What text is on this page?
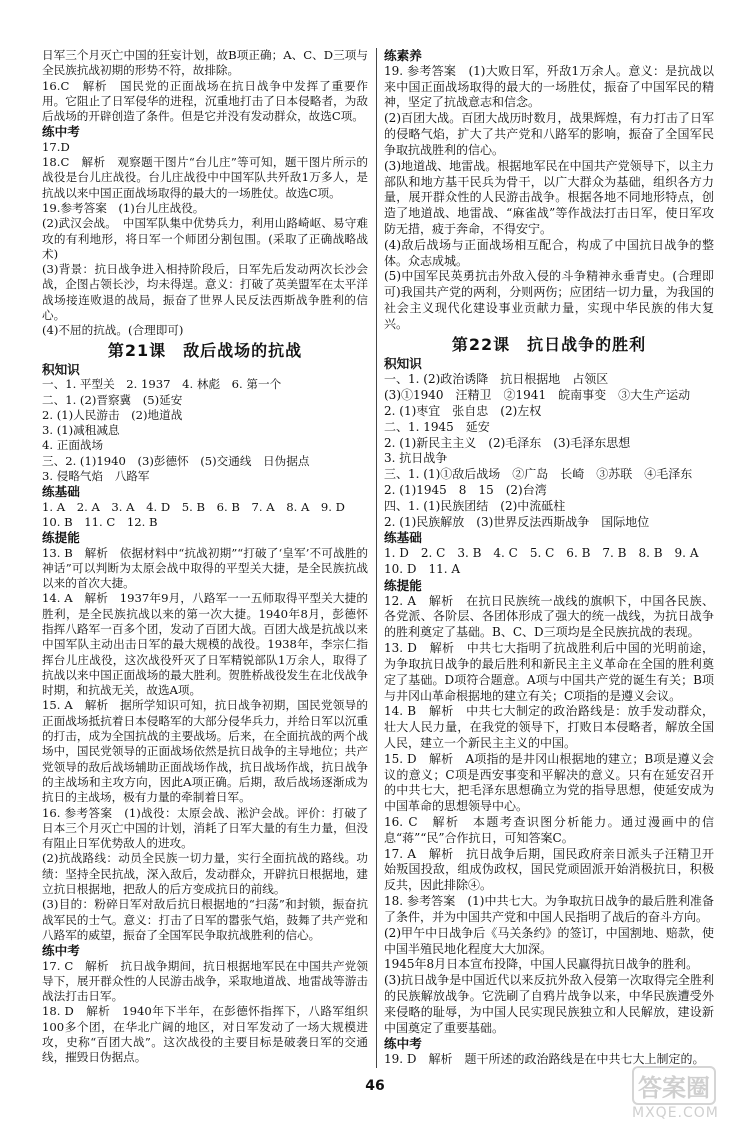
日军三个月灭亡中国的狂妄计划，故B项正确；A、C、D三项与全民族抗战初期的形势不符，故排除。
16.C　解析　国民党的正面战场在抗日战争中发挥了重要作用。它阻止了日军侵华的进程，沉重地打击了日本侵略者，为敌后战场的开辟创造了条件。但是它并没有发动群众，故选C项。
练中考
17.D
18.C　解析　观察题干图片“台儿庄”等可知，题干图片所示的战役是台儿庄战役。台儿庄战役中中国军队共歼敌1万多人，是抗战以来中国正面战场取得的最大的一场胜仗。故选C项。
19.参考答案　(1)台儿庄战役。
(2)武汉会战。　中国军队集中优势兵力，利用山路崎岖、易守难攻的有利地形，将日军一个师团分割包围。(采取了正确战略战术)
(3)背景：抗日战争进入相持阶段后，日军先后发动两次长沙会战，企图占领长沙，均未得逞。意义：打破了英美盟军在太平洋战场接连败退的战局，振奋了世界人民反法西斯战争胜利的信心。
(4)不屈的抗战。(合理即可)
第21课　敌后战场的抗战
积知识
一、1. 平型关　2. 1937　4. 林彪　6. 第一个
二、1. (2)晋察冀　(5)延安
2. (1)人民游击　(2)地道战
3. (1)减租减息
4. 正面战场
三、2. (1)1940　(3)彭德怀　(5)交通线　日伪据点
3. 侵略气焰　八路军
练基础
1. A　2. A　3. A　4. D　5. B　6. B　7. A　8. A　9. D
10. B　11. C　12. B
练提能
13. B　解析　依据材料中“抗战初期”“打破了‘皇军’不可战胜的神话”可以判断为太原会战中取得的平型关大捷，是全民族抗战以来的首次大捷。
14. A　解析　1937年9月，八路军一一五师取得平型关大捷的胜利，是全民族抗战以来的第一次大捷。1940年8月，彭德怀指挥八路军一百多个团，发动了百团大战。百团大战是抗战以来中国军队主动出击日军的最大规模的战役。1938年，李宗仁指挥台儿庄战役，这次战役歼灭了日军精锐部队1万余人，取得了抗战以来中国正面战场的最大胜利。贺胜桥战役发生在北伐战争时期，和抗战无关，故选A项。
15. A　解析　据所学知识可知，抗日战争初期，国民党领导的正面战场抵抗着日本侵略军的大部分侵华兵力，并给日军以沉重的打击，成为全国抗战的主要战场。后来，在全面抗战的两个战场中，国民党领导的正面战场依然是抗日战争的主导地位；共产党领导的敌后战场辅助正面战场作战，抗日战场作战，抗日战争的主战场和主攻方向，因此A项正确。后期，敌后战场逐渐成为抗日的主战场，极有力量的牵制着日军。
16. 参考答案　(1)战役：太原会战、淞沪会战。评价：打破了日本三个月灭亡中国的计划，消耗了日军大量的有生力量，但没有阻止日军优势敌人的进攻。
(2)抗战路线：动员全民族一切力量，实行全面抗战的路线。功绩：坚持全民抗战，深入敌后，发动群众，开辟抗日根据地，建立抗日根据地，把敌人的后方变成抗日的前线。
(3)目的：粉碎日军对敌后抗日根据地的“扫荡”和封锁，振奋抗战军民的士气。意义：打击了日军的嚣张气焰，鼓舞了共产党和八路军的威望，振奋了全国军民争取抗战胜利的信心。
练中考
17. C　解析　抗日战争期间，抗日根据地军民在中国共产党领导下，展开群众性的人民游击战争，采取地道战、地雷战等游击战法打击日军。
18. D　解析　1940年下半年，在彭德怀指挥下，八路军组织100多个团，在华北广阔的地区，对日军发动了一场大规模进攻，史称“百团大战”。这次战役的主要目标是破袭日军的交通线，摧毁日伪据点。
练素养
19. 参考答案　(1)大败日军，歼敌1万余人。意义：是抗战以来中国正面战场取得的最大的一场胜仗，振奋了中国军民的精神，坚定了抗战意志和信念。
(2)百团大战。百团大战历时数月，战果辉煌，有力打击了日军的侵略气焰，扩大了共产党和八路军的影响，振奋了全国军民争取抗战胜利的信心。
(3)地道战、地雷战。根据地军民在中国共产党领导下，以主力部队和地方基干民兵为骨干，以广大群众为基础，组织各方力量，展开群众性的人民游击战争。根据各地不同地形特点，创造了地道战、地雷战、“麻雀战”等作战法打击日军，使日军攻防无措，疲于奔命，不得安宁。
(4)敌后战场与正面战场相互配合，构成了中国抗日战争的整体。众志成城。
(5)中国军民英勇抗击外敌入侵的斗争精神永垂青史。(合理即可)我国共产党的两利，分则两伤；应团结一切力量，为我国的社会主义现代化建设事业贡献力量，实现中华民族的伟大复兴。
第22课　抗日战争的胜利
积知识
一、1. (2)政治诱降　抗日根据地　占领区
(3)①1940　汪精卫　②1941　皖南事变　③大生产运动
2. (1)枣宜　张自忠　(2)左权
二、1. 1945　延安
2. (1)新民主主义　(2)毛泽东　(3)毛泽东思想
3. 抗日战争
三、1. (1)①敌后战场　②广岛　长崎　③苏联　④毛泽东
2. (1)1945　8　15　(2)台湾
四、1. (1)民族团结　(2)中流砥柱
2. (1)民族解放　(3)世界反法西斯战争　国际地位
练基础
1. D　2. C　3. B　4. C　5. C　6. B　7. B　8. B　9. A
10. D　11. A
练提能
12. A　解析　在抗日民族统一战线的旗帜下，中国各民族、各党派、各阶层、各团体形成了强大的统一战线，为抗日战争的胜利奠定了基础。B、C、D三项均是全民族抗战的表现。
13. D　解析　中共七大指明了抗战胜利后中国的光明前途，为争取抗日战争的最后胜利和新民主主义革命在全国的胜利奠定了基础。D项符合题意。A项与中国共产党的诞生有关；B项与井冈山革命根据地的建立有关；C项指的是遵义会议。
14. B　解析　中共七大制定的政治路线是：放手发动群众，壮大人民力量，在我党的领导下，打败日本侵略者，解放全国人民，建立一个新民主主义的中国。
15. D　解析　A项指的是井冈山根据地的建立；B项是遵义会议的意义；C项是西安事变和平解决的意义。只有在延安召开的中共七大，把毛泽东思想确立为党的指导思想，使延安成为中国革命的思想领导中心。
16. C　解析　本题考查识图分析能力。通过漫画中的信息“蒋”“民”合作抗日，可知答案C。
17. A　解析　抗日战争后期，国民政府亲日派头子汪精卫开始叛国投敌，组成伪政权，国民党顽固派开始消极抗日，积极反共，因此排除④。
18. 参考答案　(1)中共七大。为争取抗日战争的最后胜利准备了条件，并为中国共产党和中国人民指明了战后的奋斗方向。
(2)甲午中日战争后《马关条约》的签订，中国割地、赔款，使中国半殖民地化程度大大加深。
1945年8月日本宣布投降，中国人民赢得抗日战争的胜利。
(3)抗日战争是中国近代以来反抗外敌入侵第一次取得完全胜利的民族解放战争。它洗刷了自鸦片战争以来，中华民族遭受外来侵略的耻辱，为中国人民实现民族独立和人民解放，建设新中国奠定了重要基础。
练中考
19. D　解析　题干所述的政治路线是在中共七大上制定的。
46	答案圈
MXQE.COM
